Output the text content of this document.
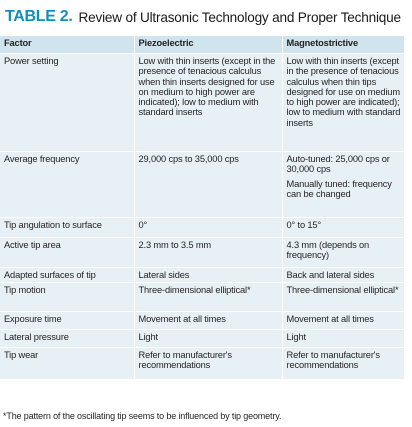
TABLE 2. Review of Ultrasonic Technology and Proper Technique
Factor	Piezoelectric	Magnetostrictive
Power setting	Low with thin inserts (except in the presence of tenacious calculus when thin inserts designed for use on medium to high power are indicated); low to medium with standard inserts	Low with thin inserts (except in the presence of tenacious calculus when thin tips designed for use on medium to high power are indicated); low to medium with standard inserts

Average frequency	29,000 cps to 35,000 cps	Auto-tuned: 25,000 cps or 30,000 cps
Manually tuned: frequency can be changed

Tip angulation to surface	0°	0° to 15°

Active tip area	2.3 mm to 3.5 mm	4.3 mm (depends on frequency)

Adapted surfaces of tip	Lateral sides	Back and lateral sides

Tip motion	Three-dimensional elliptical*	Three-dimensional elliptical*

Exposure time	Movement at all times	Movement at all times

Lateral pressure	Light	Light

Tip wear	Refer to manufacturer's recommendations	Refer to manufacturer's recommendations
*The pattern of the oscillating tip seems to be influenced by tip geometry.
